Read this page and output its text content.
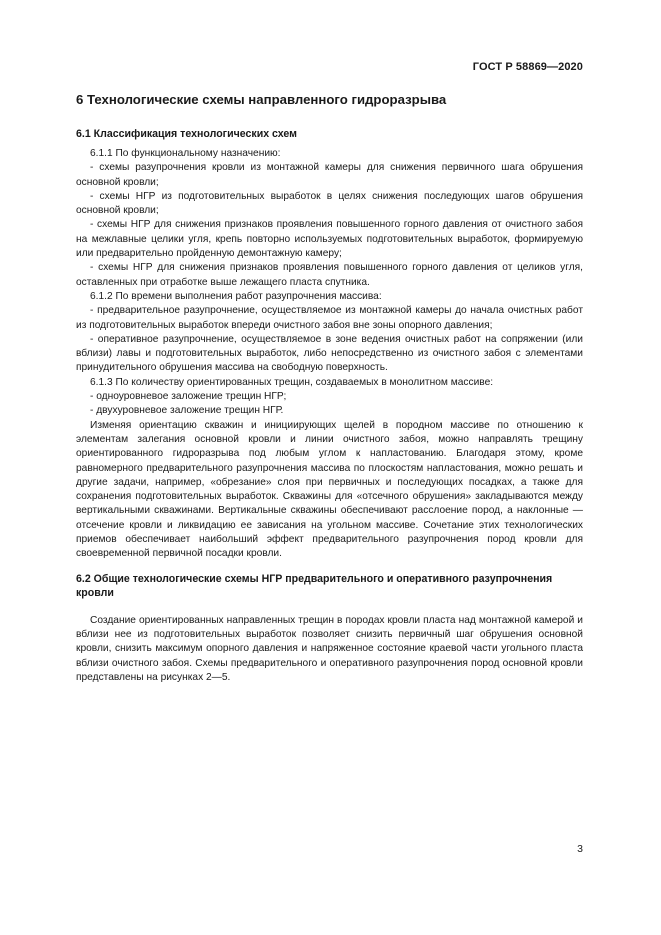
ГОСТ Р 58869—2020
6 Технологические схемы направленного гидроразрыва
6.1 Классификация технологических схем

6.1.1 По функциональному назначению:

- схемы разупрочнения кровли из монтажной камеры для снижения первичного шага обрушения основной кровли;

- схемы НГР из подготовительных выработок в целях снижения последующих шагов обрушения основной кровли;

- схемы НГР для снижения признаков проявления повышенного горного давления от очистного забоя на межлавные целики угля, крепь повторно используемых подготовительных выработок, формируемую или предварительно пройденную демонтажную камеру;

- схемы НГР для снижения признаков проявления повышенного горного давления от целиков угля, оставленных при отработке выше лежащего пласта спутника.

6.1.2 По времени выполнения работ разупрочнения массива:

- предварительное разупрочнение, осуществляемое из монтажной камеры до начала очистных работ из подготовительных выработок впереди очистного забоя вне зоны опорного давления;

- оперативное разупрочнение, осуществляемое в зоне ведения очистных работ на сопряжении (или вблизи) лавы и подготовительных выработок, либо непосредственно из очистного забоя с элементами принудительного обрушения массива на свободную поверхность.

6.1.3 По количеству ориентированных трещин, создаваемых в монолитном массиве:

- одноуровневое заложение трещин НГР;

- двухуровневое заложение трещин НГР.

Изменяя ориентацию скважин и инициирующих щелей в породном массиве по отношению к элементам залегания основной кровли и линии очистного забоя, можно направлять трещину ориентированного гидроразрыва под любым углом к напластованию. Благодаря этому, кроме равномерного предварительного разупрочнения массива по плоскостям напластования, можно решать и другие задачи, например, «обрезание» слоя при первичных и последующих посадках, а также для сохранения подготовительных выработок. Скважины для «отсечного обрушения» закладываются между вертикальными скважинами. Вертикальные скважины обеспечивают расслоение пород, а наклонные — отсечение кровли и ликвидацию ее зависания на угольном массиве. Сочетание этих технологических приемов обеспечивает наибольший эффект предварительного разупрочнения пород кровли для своевременной первичной посадки кровли.

6.2 Общие технологические схемы НГР предварительного и оперативного разупрочнения кровли

Создание ориентированных направленных трещин в породах кровли пласта над монтажной камерой и вблизи нее из подготовительных выработок позволяет снизить первичный шаг обрушения основной кровли, снизить максимум опорного давления и напряженное состояние краевой части угольного пласта вблизи очистного забоя. Схемы предварительного и оперативного разупрочнения пород основной кровли представлены на рисунках 2—5.

3
